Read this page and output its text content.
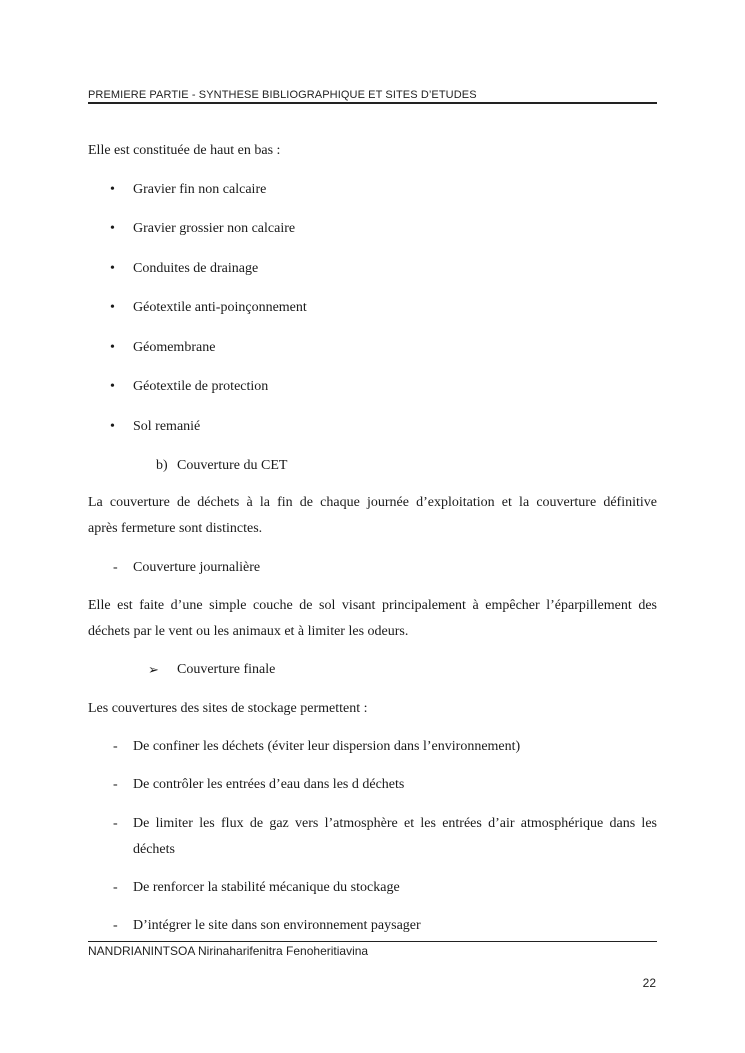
PREMIERE PARTIE - SYNTHESE BIBLIOGRAPHIQUE ET SITES D’ETUDES
Elle est constituée de haut en bas :
• Gravier fin non calcaire
• Gravier grossier non calcaire
• Conduites de drainage
• Géotextile anti-poinçonnement
• Géomembrane
• Géotextile de protection
• Sol remanié
b) Couverture du CET
La couverture de déchets à la fin de chaque journée d’exploitation et la couverture définitive
après fermeture sont distinctes.
- Couverture journalière
Elle est faite d’une simple couche de sol visant principalement à empêcher l’éparpillement des
déchets par le vent ou les animaux et à limiter les odeurs.
➢ Couverture finale
Les couvertures des sites de stockage permettent :
- De confiner les déchets (éviter leur dispersion dans l’environnement)
- De contrôler les entrées d’eau dans les d déchets
- De limiter les flux de gaz vers l’atmosphère et les entrées d’air atmosphérique dans les
déchets
- De renforcer la stabilité mécanique du stockage
- D’intégrer le site dans son environnement paysager
NANDRIANINTSOA Nirinaharifenitra Fenoheritiavina
22
